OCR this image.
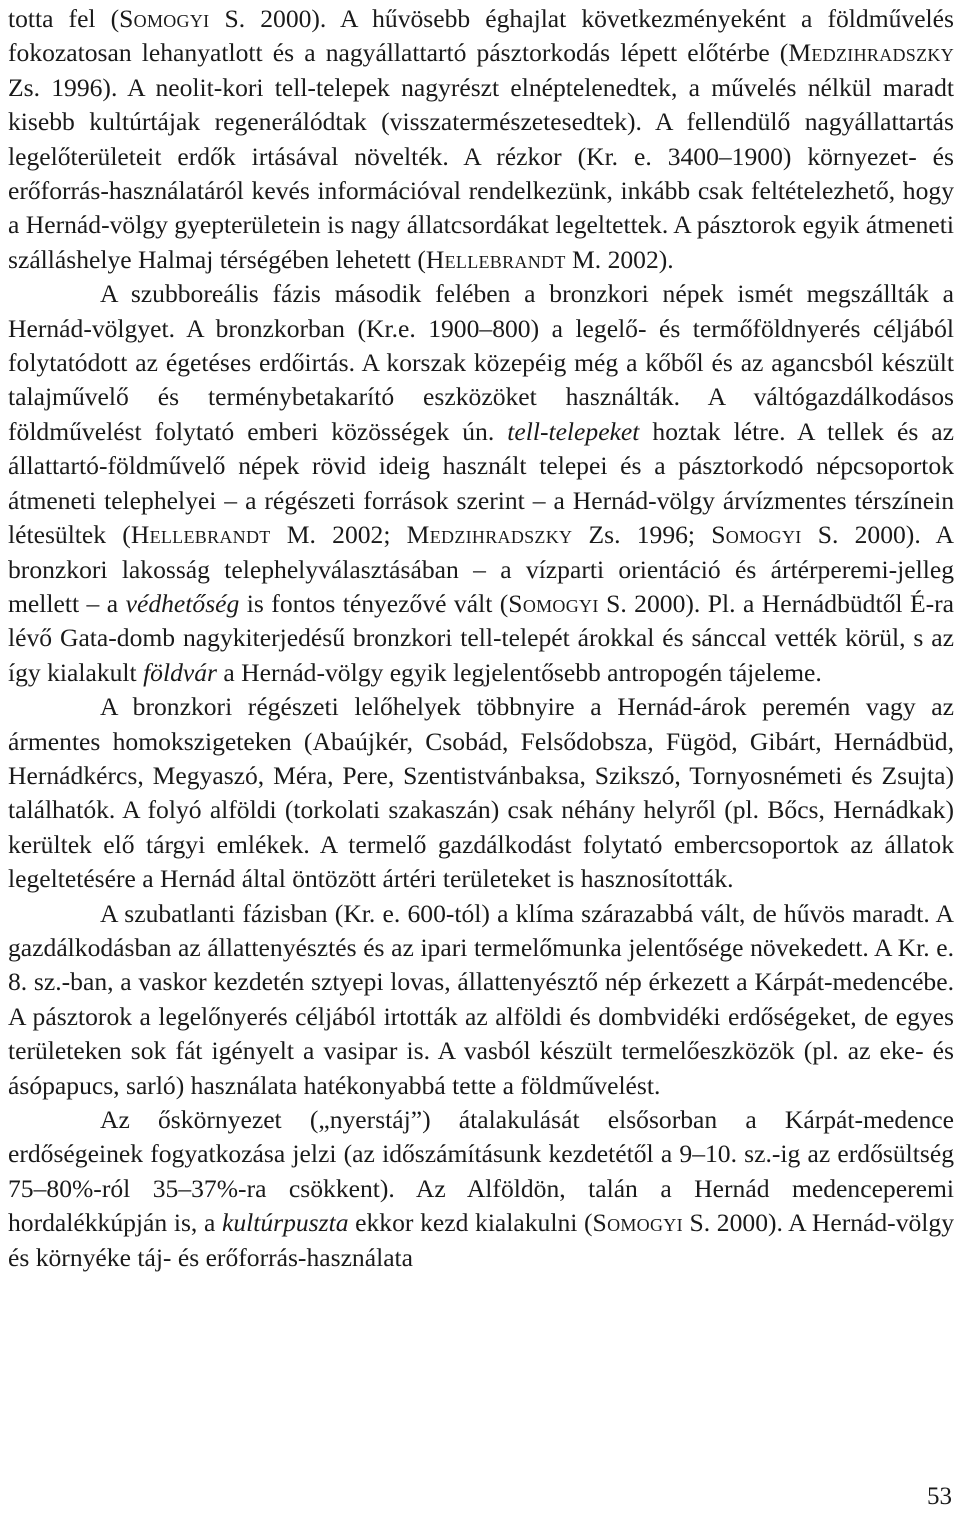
totta fel (Somogyi S. 2000). A hűvösebb éghajlat következményeként a földművelés fokozatosan lehanyatlott és a nagyállattartó pásztorkodás lépett előtérbe (Medzihradszky Zs. 1996). A neolit-kori tell-telepek nagyrészt elnéptelenedtek, a művelés nélkül maradt kisebb kultúrtájak regenerálódtak (visszatermészetesedtek). A fellendülő nagyállattartás legelőterületeit erdők irtásával növelték. A rézkor (Kr. e. 3400–1900) környezet- és erőforrás-használatáról kevés információval rendelkezünk, inkább csak feltételezhető, hogy a Hernád-völgy gyepterületein is nagy állatcsordákat legeltettek. A pásztorok egyik átmeneti szálláshelye Halmaj térségében lehetett (Hellebrandt M. 2002).

A szubboreális fázis második felében a bronzkori népek ismét megszállták a Hernád-völgyet. A bronzkorban (Kr.e. 1900–800) a legelő- és termőföldnyerés céljából folytatódott az égetéses erdőirtás. A korszak közepéig még a kőből és az agancsból készült talajművelő és terménybetakarító eszközöket használták. A váltógazdálkodásos földművelést folytató emberi közösségek ún. tell-telepeket hoztak létre. A tellek és az állattartó-földművelő népek rövid ideig használt telepei és a pásztorkodó népcsoportok átmeneti telephelyei – a régészeti források szerint – a Hernád-völgy árvízmentes térszínein létesültek (Hellebrandt M. 2002; Medzihradszky Zs. 1996; Somogyi S. 2000). A bronzkori lakosság telephelyválasztásában – a vízparti orientáció és ártérperemi-jelleg mellett – a védhetőség is fontos tényezővé vált (Somogyi S. 2000). Pl. a Hernádbüdtől É-ra lévő Gata-domb nagykiterjedésű bronzkori tell-telepét árokkal és sánccal vették körül, s az így kialakult földvár a Hernád-völgy egyik legjelentősebb antropogén tájeleme.

A bronzkori régészeti lelőhelyek többnyire a Hernád-árok peremén vagy az ármentes homokszigeteken (Abaújkér, Csobád, Felsődobsza, Fügöd, Gibárt, Hernádbüd, Hernádkércs, Megyaszó, Méra, Pere, Szentistvánbaksa, Szikszó, Tornyosnémeti és Zsujta) találhatók. A folyó alföldi (torkolati szakaszán) csak néhány helyről (pl. Bőcs, Hernádkak) kerültek elő tárgyi emlékek. A termelő gazdálkodást folytató embercsoportok az állatok legeltetésére a Hernád által öntözött ártéri területeket is hasznosították.

A szubatlanti fázisban (Kr. e. 600-tól) a klíma szárazabbá vált, de hűvös maradt. A gazdálkodásban az állattenyésztés és az ipari termelőmunka jelentősége növekedett. A Kr. e. 8. sz.-ban, a vaskor kezdetén sztyepi lovas, állattenyésztő nép érkezett a Kárpát-medencébe. A pásztorok a legelőnyerés céljából irtották az alföldi és dombvidéki erdőségeket, de egyes területeken sok fát igényelt a vasipar is. A vasból készült termelőeszközök (pl. az eke- és ásópapucs, sarló) használata hatékonyabbá tette a földművelést.

Az őskörnyezet („nyerstáj”) átalakulását elsősorban a Kárpát-medence erdőségeinek fogyatkozása jelzi (az időszámításunk kezdetétől a 9–10. sz.-ig az erdősültség 75–80%-ról 35–37%-ra csökkent). Az Alföldön, talán a Hernád medenceperemi hordalékkúpján is, a kultúrpuszta ekkor kezd kialakulni (Somogyi S. 2000). A Hernád-völgy és környéke táj- és erőforrás-használata

53
